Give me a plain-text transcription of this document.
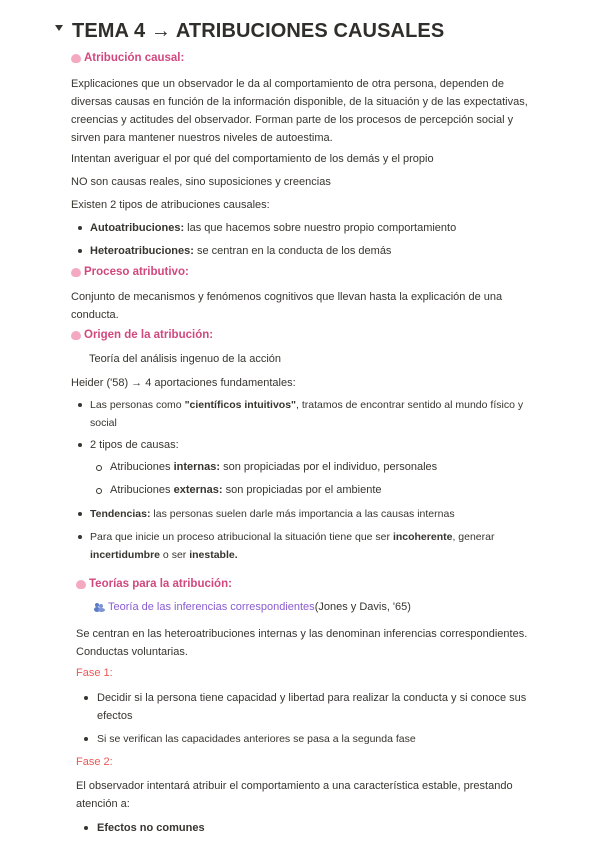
TEMA 4 → ATRIBUCIONES CAUSALES
Atribución causal:
Explicaciones que un observador le da al comportamiento de otra persona, dependen de
diversas causas en función de la información disponible, de la situación y de las expectativas,
creencias y actitudes del observador. Forman parte de los procesos de percepción social y
sirven para mantener nuestros niveles de autoestima.
Intentan averiguar el por qué del comportamiento de los demás y el propio
NO son causas reales, sino suposiciones y creencias
Existen 2 tipos de atribuciones causales:
Autoatribuciones: las que hacemos sobre nuestro propio comportamiento
Heteroatribuciones: se centran en la conducta de los demás
Proceso atributivo:
Conjunto de mecanismos y fenómenos cognitivos que llevan hasta la explicación de una
conducta.
Origen de la atribución:
Teoría del análisis ingenuo de la acción
Heider ('58) → 4 aportaciones fundamentales:
Las personas como "científicos intuitivos", tratamos de encontrar sentido al mundo físico y
social
2 tipos de causas:
Atribuciones internas: son propiciadas por el individuo, personales
Atribuciones externas: son propiciadas por el ambiente
Tendencias: las personas suelen darle más importancia a las causas internas
Para que inicie un proceso atribucional la situación tiene que ser incoherente, generar
incertidumbre o ser inestable.
Teorías para la atribución:
Teoría de las inferencias correspondientes (Jones y Davis, '65)
Se centran en las heteroatribuciones internas y las denominan inferencias correspondientes.
Conductas voluntarias.
Fase 1:
Decidir si la persona tiene capacidad y libertad para realizar la conducta y si conoce sus
efectos
Si se verifican las capacidades anteriores se pasa a la segunda fase
Fase 2:
El observador intentará atribuir el comportamiento a una característica estable, prestando
atención a:
Efectos no comunes
